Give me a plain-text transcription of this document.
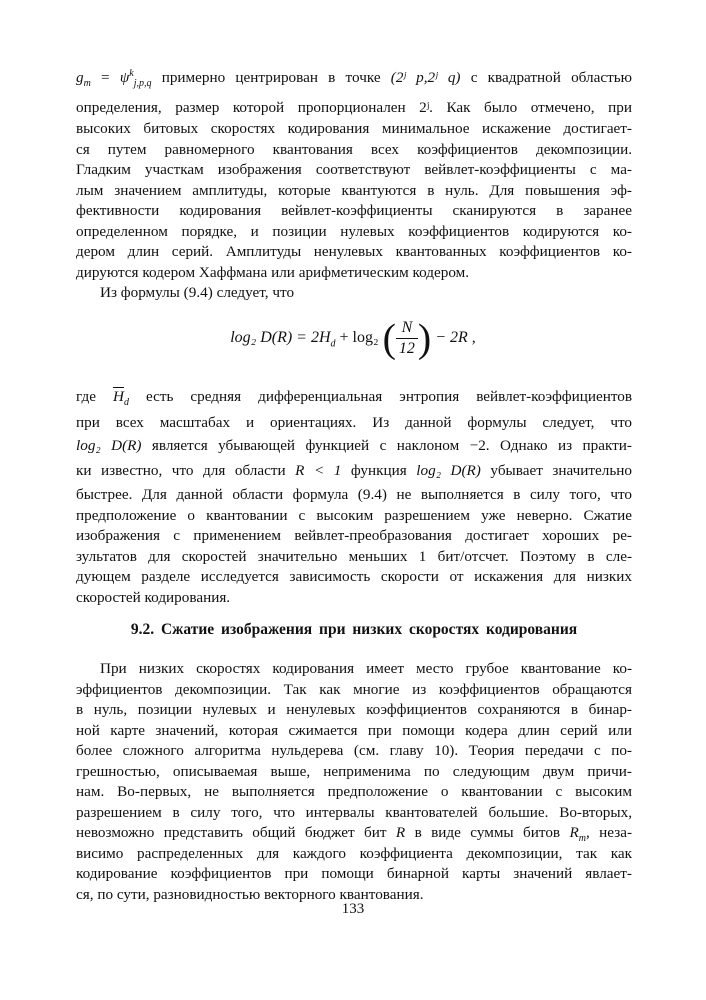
$g_m = \psi^k_{j,p,q}$ примерно центрирован в точке (2ʲ p,2ʲ q) с квадратной областью
определения, размер которой пропорционален 2ʲ. Как было отмечено, при
высоких битовых скоростях кодирования минимальное искажение достигает-
ся путем равномерного квантования всех коэффициентов декомпозиции.
Гладким участкам изображения соответствуют вейвлет-коэффициенты с ма-
лым значением амплитуды, которые квантуются в нуль. Для повышения эф-
фективности кодирования вейвлет-коэффициенты сканируются в заранее
определенном порядке, и позиции нулевых коэффициентов кодируются ко-
дером длин серий. Амплитуды ненулевых квантованных коэффициентов ко-
дируются кодером Хаффмана или арифметическим кодером.
Из формулы (9.4) следует, что
log₂ $D(R) = 2H_d + \log_2$ ( $\frac{N}{12}$ ) − 2R ,
где $\overline{H}_d$ есть средняя дифференциальная энтропия вейвлет-коэффициентов
при всех масштабах и ориентациях. Из данной формулы следует, что
log₂ D(R) является убывающей функцией с наклоном −2. Однако из практи-
ки известно, что для области R < 1 функция log₂ D(R) убывает значительно
быстрее. Для данной области формула (9.4) не выполняется в силу того, что
предположение о квантовании с высоким разрешением уже неверно. Сжатие
изображения с применением вейвлет-преобразования достигает хороших ре-
зультатов для скоростей значительно меньших 1 бит/отсчет. Поэтому в сле-
дующем разделе исследуется зависимость скорости от искажения для низких
скоростей кодирования.
9.2. Сжатие изображения при низких скоростях кодирования
При низких скоростях кодирования имеет место грубое квантование ко-
эффициентов декомпозиции. Так как многие из коэффициентов обращаются
в нуль, позиции нулевых и ненулевых коэффициентов сохраняются в бинар-
ной карте значений, которая сжимается при помощи кодера длин серий или
более сложного алгоритма нульдерева (см. главу 10). Теория передачи с по-
грешностью, описываемая выше, неприменима по следующим двум причи-
нам. Во-первых, не выполняется предположение о квантовании с высоким
разрешением в силу того, что интервалы квантователей большие. Во-вторых,
невозможно представить общий бюджет бит R в виде суммы битов $R_m$, неза-
висимо распределенных для каждого коэффициента декомпозиции, так как
кодирование коэффициентов при помощи бинарной карты значений явлает-
ся, по сути, разновидностью векторного квантования.
133
